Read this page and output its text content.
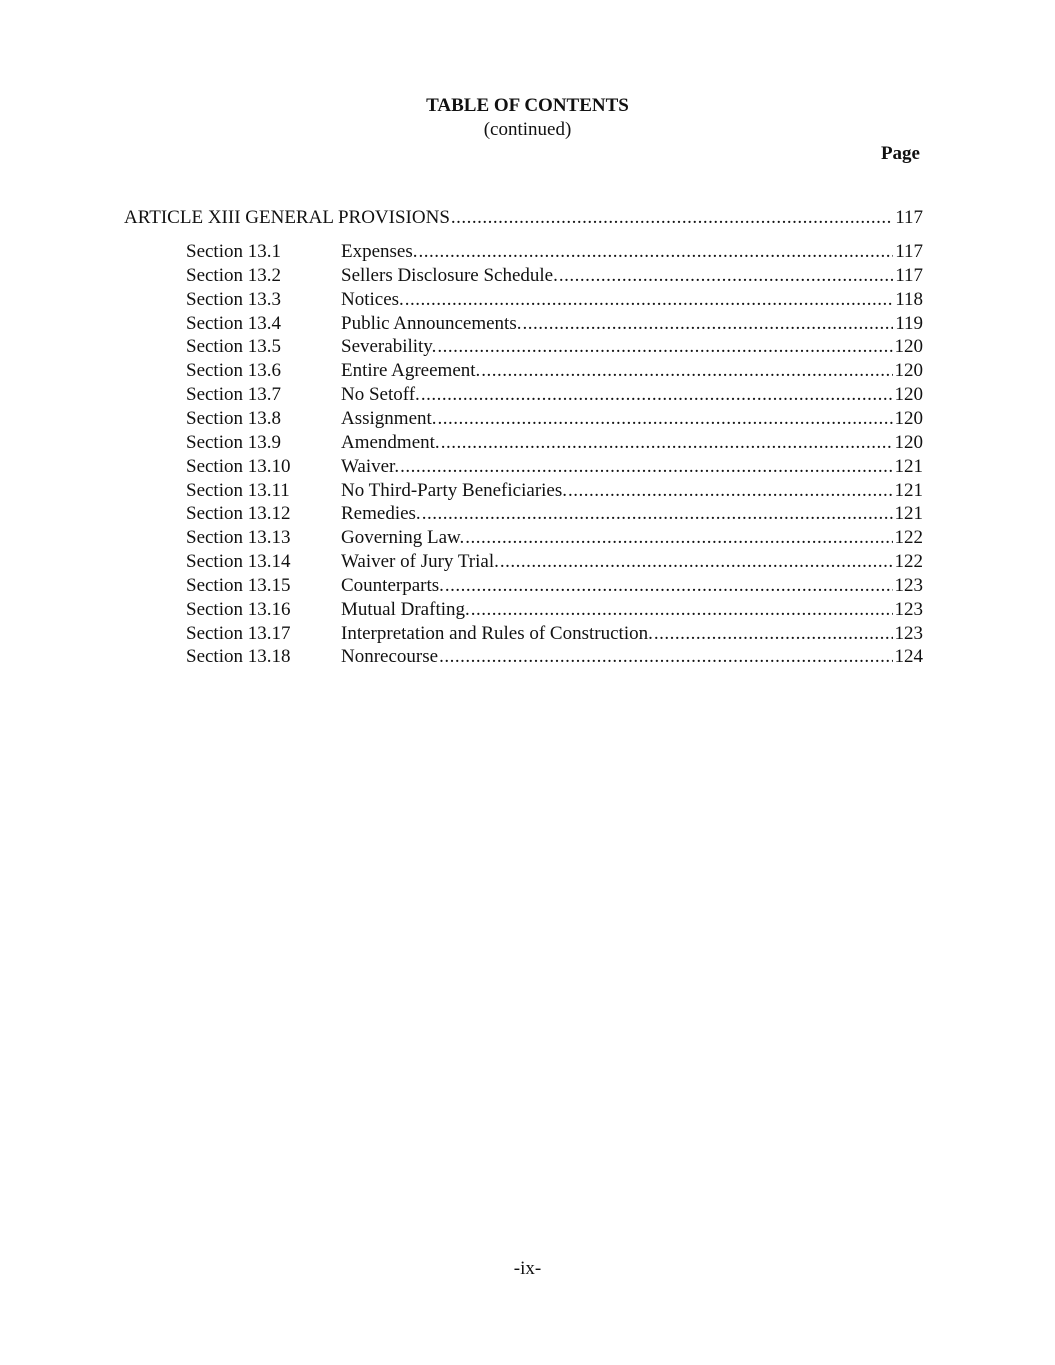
TABLE OF CONTENTS
(continued)
Page
ARTICLE XIII GENERAL PROVISIONS .....	117
Section 13.1	Expenses. .....	117
Section 13.2	Sellers Disclosure Schedule. .....	117
Section 13.3	Notices. .....	118
Section 13.4	Public Announcements. .....	119
Section 13.5	Severability. .....	120
Section 13.6	Entire Agreement. .....	120
Section 13.7	No Setoff. .....	120
Section 13.8	Assignment. .....	120
Section 13.9	Amendment. .....	120
Section 13.10	Waiver. .....	121
Section 13.11	No Third-Party Beneficiaries. .....	121
Section 13.12	Remedies. .....	121
Section 13.13	Governing Law. .....	122
Section 13.14	Waiver of Jury Trial. .....	122
Section 13.15	Counterparts. .....	123
Section 13.16	Mutual Drafting. .....	123
Section 13.17	Interpretation and Rules of Construction. .....	123
Section 13.18	Nonrecourse .....	124
-ix-
